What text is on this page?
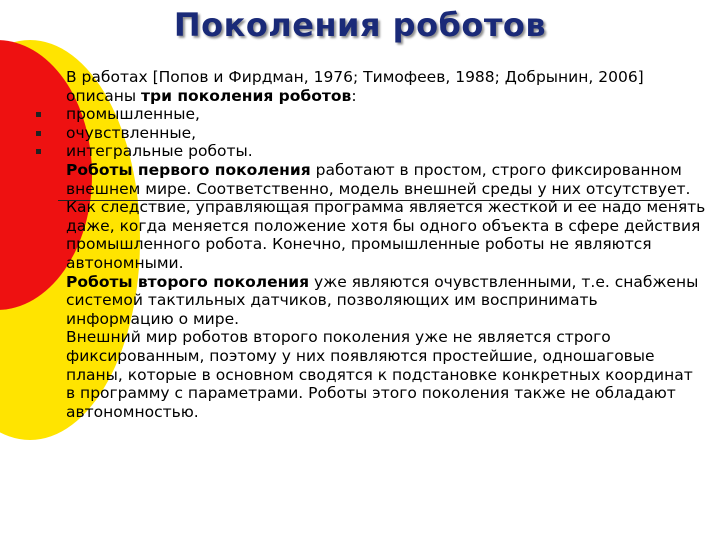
Поколения роботов
В работах [Попов и Фирдман, 1976; Тимофеев, 1988; Добрынин, 2006] описаны три поколения роботов:
промышленные,
очувствленные,
интегральные роботы.
Роботы первого поколения работают в простом, строго фиксированном внешнем мире. Соответственно, модель внешней среды у них отсутствует. Как следствие, управляющая программа является жесткой и ее надо менять даже, когда меняется положение хотя бы одного объекта в сфере действия промышленного робота. Конечно, промышленные роботы не являются автономными.
Роботы второго поколения уже являются очувствленными, т.е. снабжены системой тактильных датчиков, позволяющих им воспринимать информацию о мире.
Внешний мир роботов второго поколения уже не является строго фиксированным, поэтому у них появляются простейшие, одношаговые планы, которые в основном сводятся к подстановке конкретных координат в программу с параметрами. Роботы этого поколения также не обладают автономностью.
